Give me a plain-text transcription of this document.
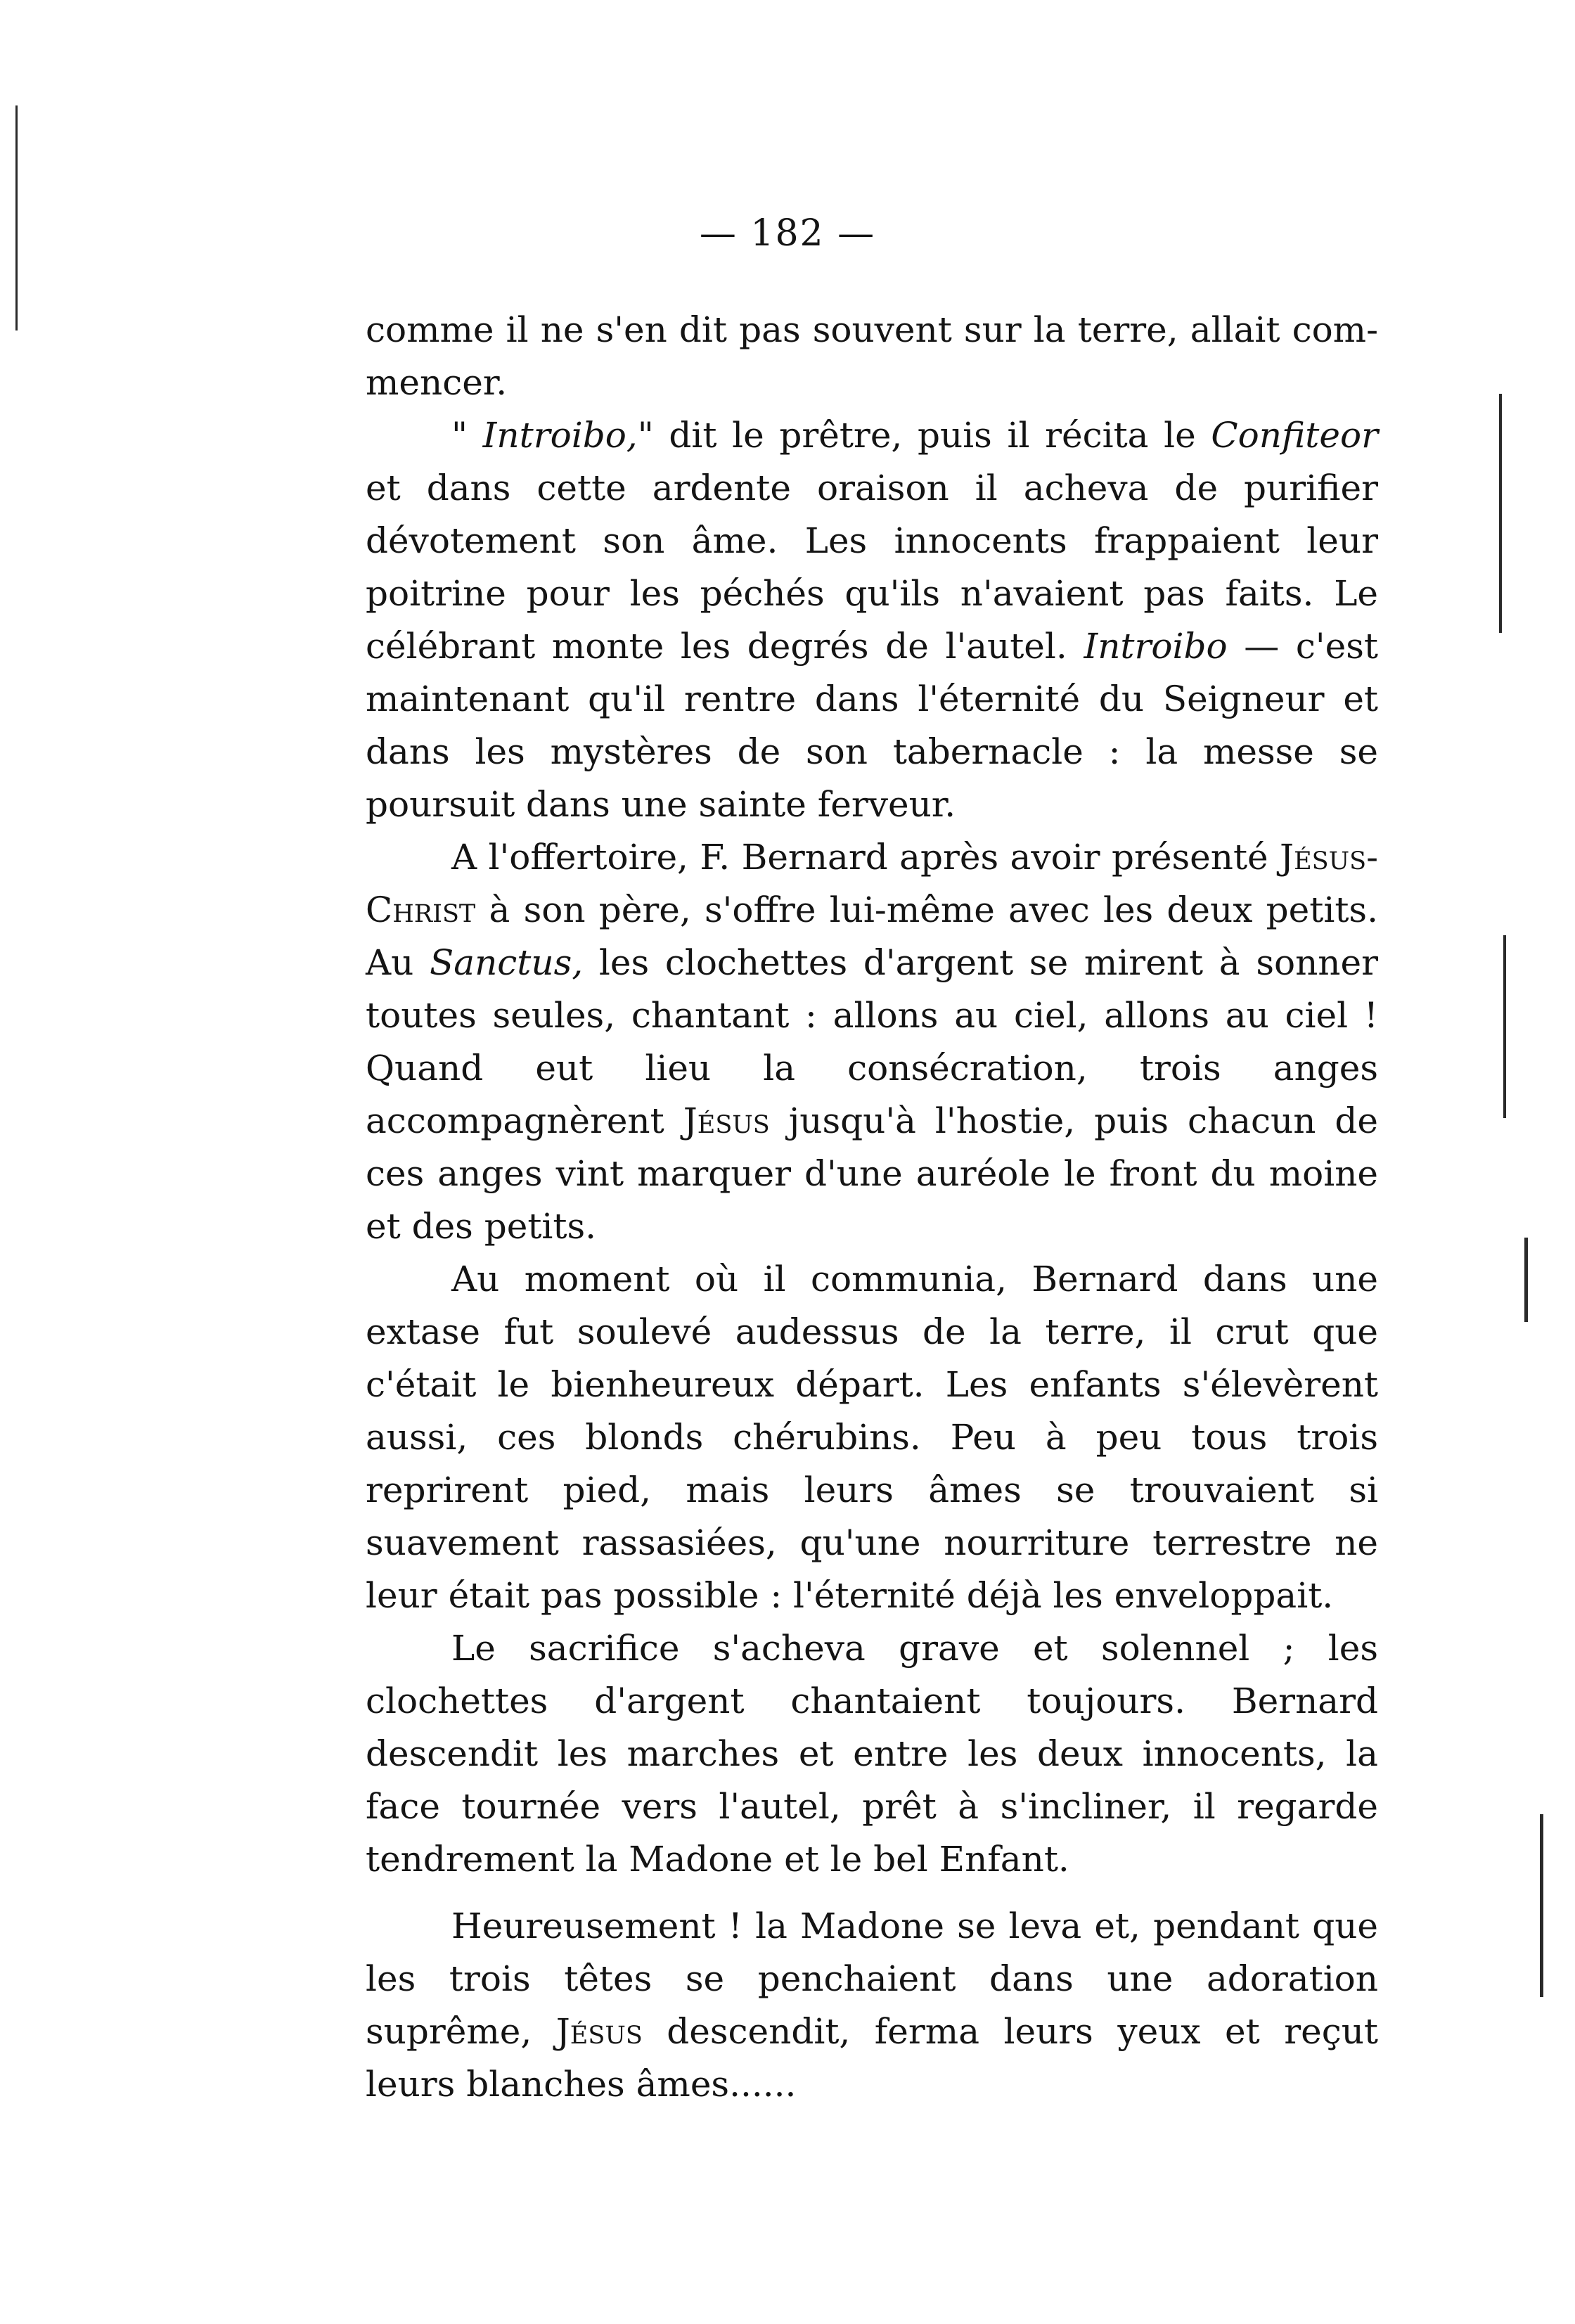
— 182 —

comme il ne s'en dit pas souvent sur la terre, allait commencer.

" Introibo," dit le prêtre, puis il récita le Confiteor et dans cette ardente oraison il acheva de purifier dévotement son âme. Les innocents frappaient leur poitrine pour les péchés qu'ils n'avaient pas faits. Le célébrant monte les degrés de l'autel. Introibo — c'est maintenant qu'il rentre dans l'éternité du Seigneur et dans les mystères de son tabernacle : la messe se poursuit dans une sainte ferveur.

A l'offertoire, F. Bernard après avoir présenté Jésus-Christ à son père, s'offre lui-même avec les deux petits. Au Sanctus, les clochettes d'argent se mirent à sonner toutes seules, chantant : allons au ciel, allons au ciel ! Quand eut lieu la consécration, trois anges accompagnèrent Jésus jusqu'à l'hostie, puis chacun de ces anges vint marquer d'une auréole le front du moine et des petits.

Au moment où il communia, Bernard dans une extase fut soulevé audessus de la terre, il crut que c'était le bienheureux départ. Les enfants s'élevèrent aussi, ces blonds chérubins. Peu à peu tous trois reprirent pied, mais leurs âmes se trouvaient si suavement rassasiées, qu'une nourriture terrestre ne leur était pas possible : l'éternité déjà les enveloppait.

Le sacrifice s'acheva grave et solennel ; les clochettes d'argent chantaient toujours. Bernard descendit les marches et entre les deux innocents, la face tournée vers l'autel, prêt à s'incliner, il regarde tendrement la Madone et le bel Enfant.

Heureusement ! la Madone se leva et, pendant que les trois têtes se penchaient dans une adoration suprême, Jésus descendit, ferma leurs yeux et reçut leurs blanches âmes......
